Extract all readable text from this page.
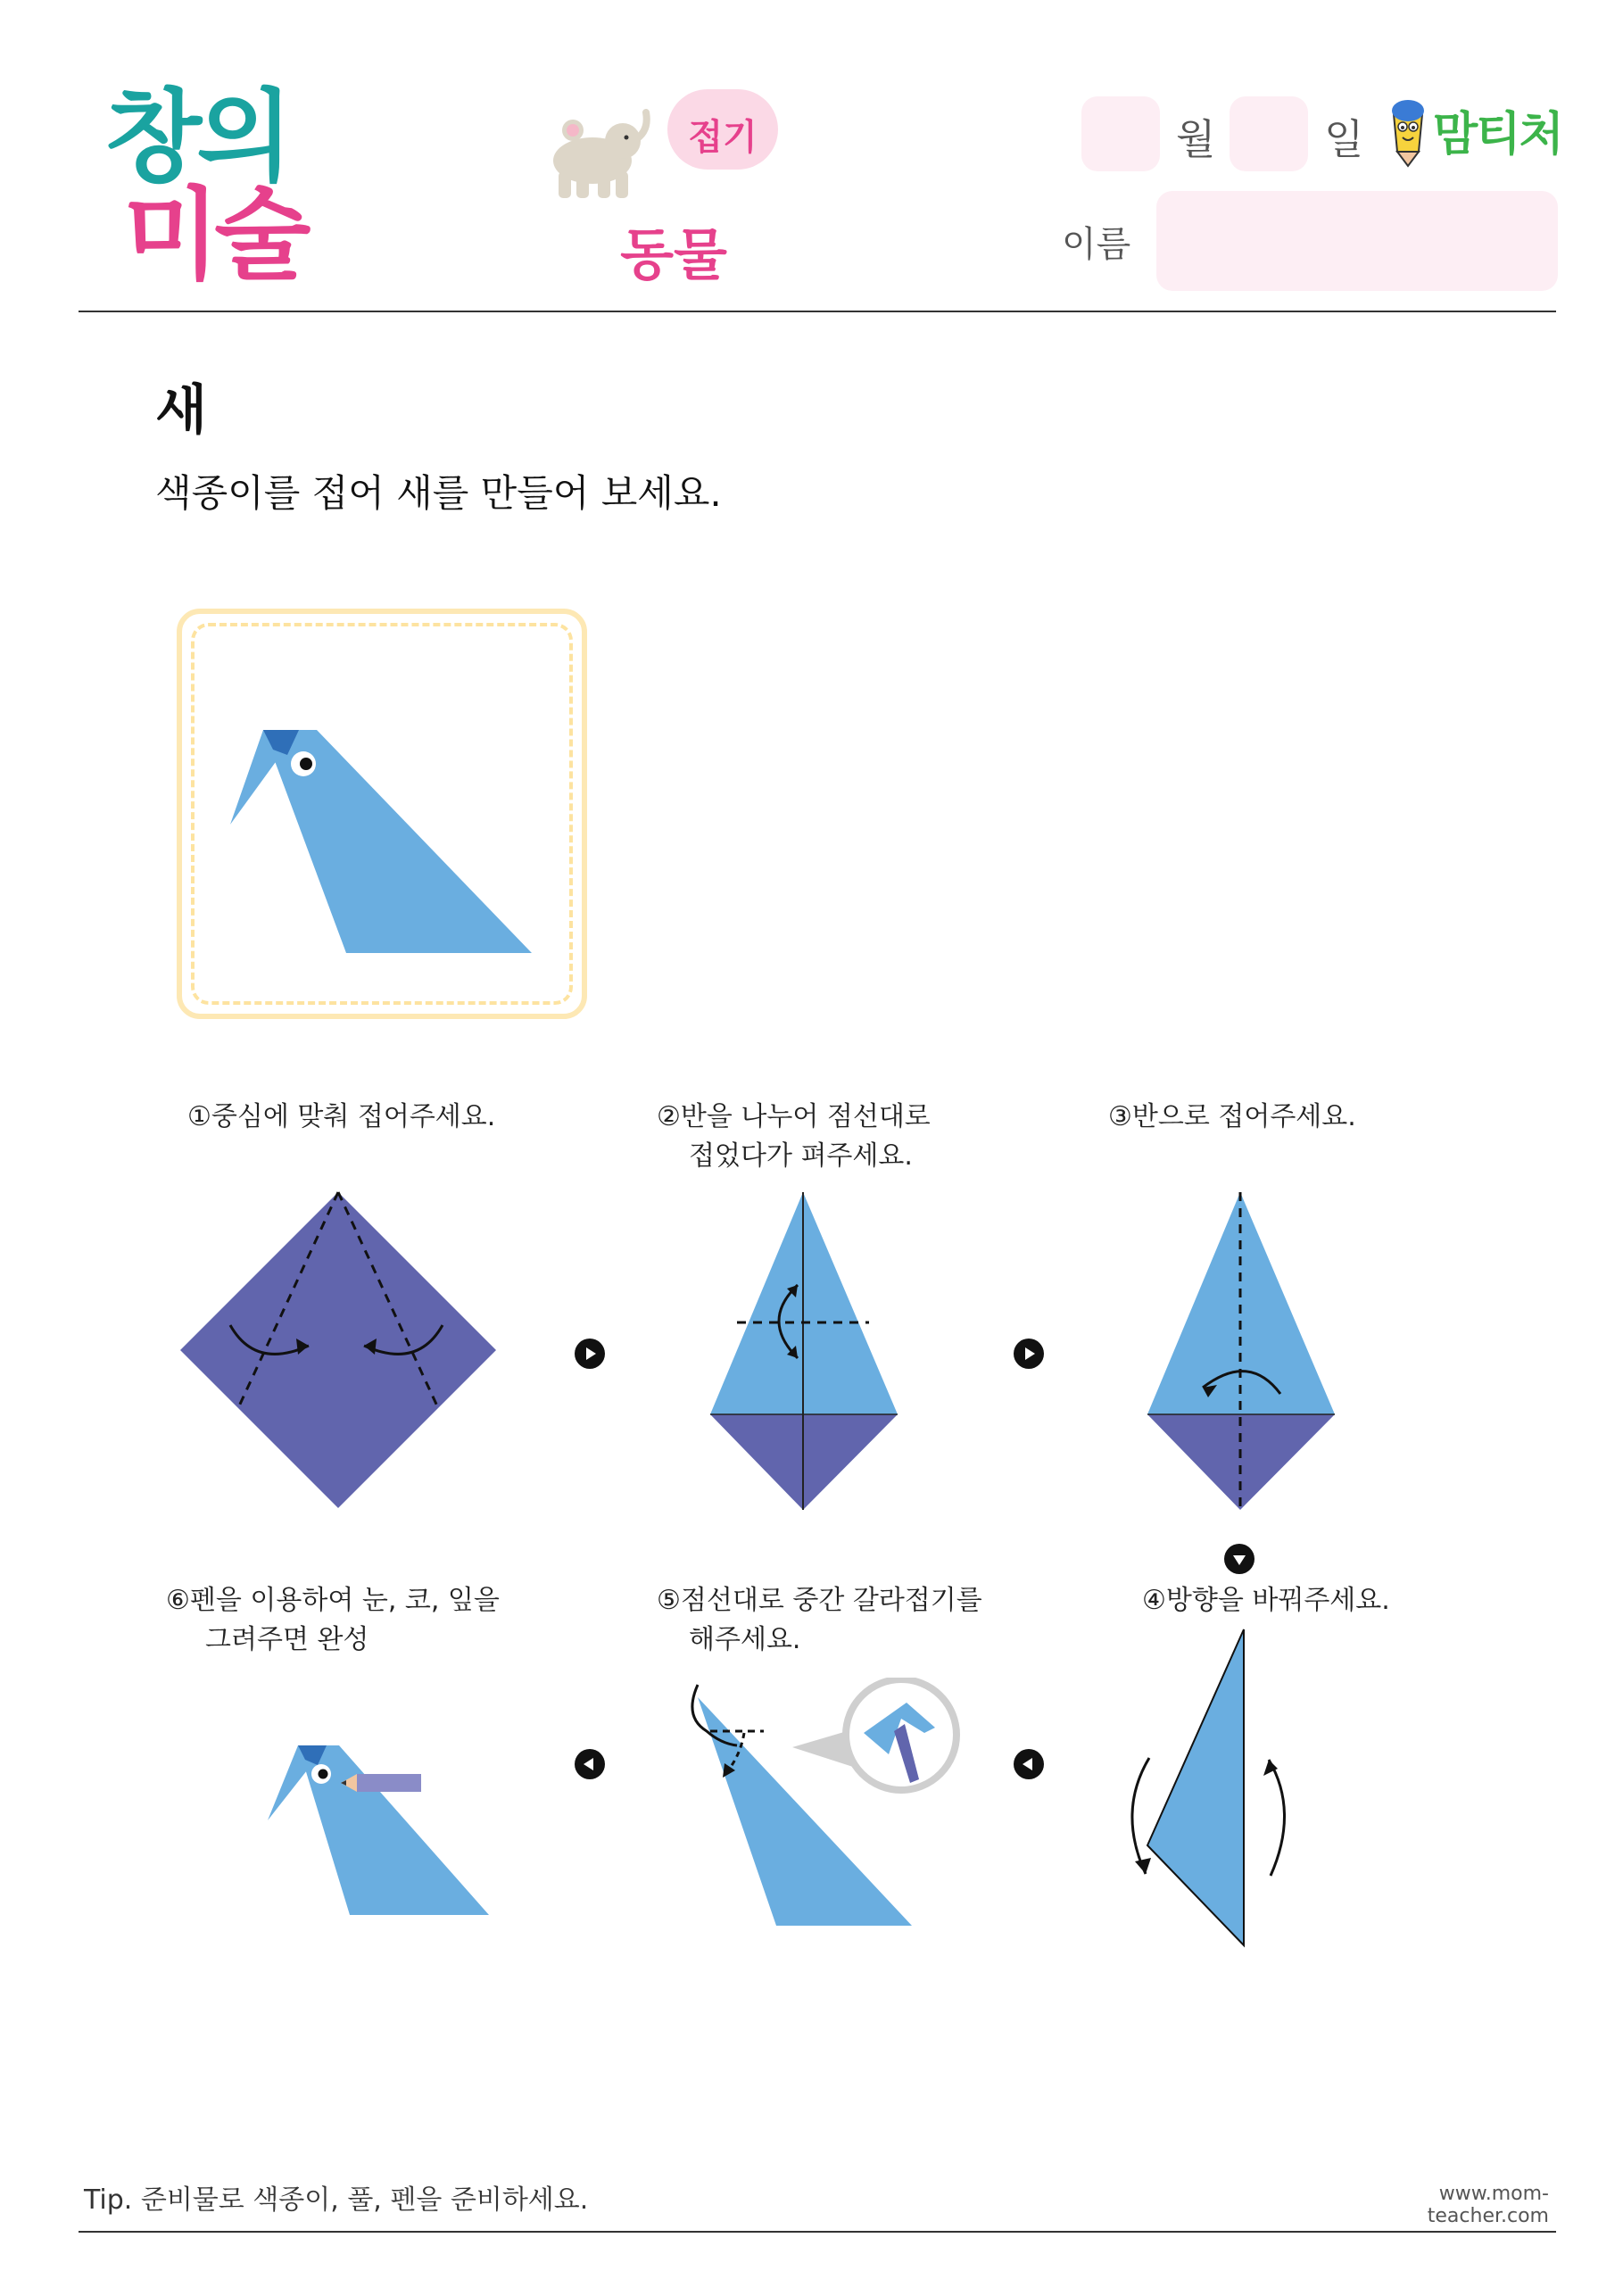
창의
미술
접기
동물
월	일 맘티처
이름
새
색종이를 접어 새를 만들어 보세요.
①중심에 맞춰 접어주세요.	②반을 나누어 점선대로
접었다가 펴주세요.
③반으로 접어주세요.
④방향을 바꿔주세요.
⑤점선대로 중간 갈라접기를
해주세요.
⑥펜을 이용하여 눈, 코, 잎을
그려주면 완성
Tip. 준비물로 색종이, 풀, 펜을 준비하세요.	www.mom-teacher.com
